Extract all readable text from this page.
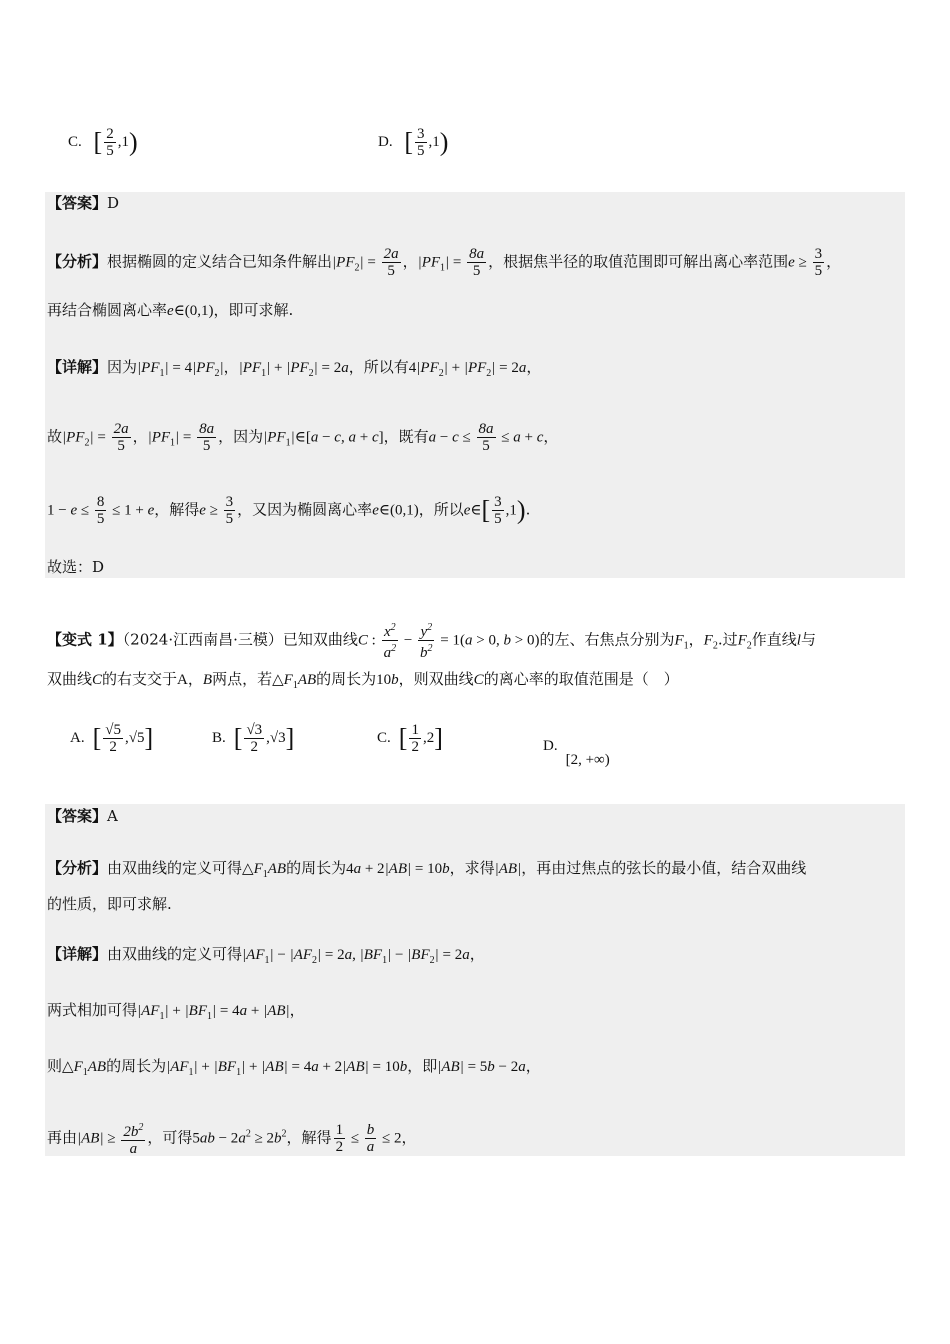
C. [ $\frac{2}{5} ,1$)	D. [ $\frac{3}{5} ,1$)
【答案】D
【分析】根据椭圆的定义结合已知条件解出$|PF_2| = \frac{2a}{5}$ ，$|PF_1| = \frac{8a}{5}$ ，根据焦半径的取值范围即可解出离心率范围$e \ge \frac{3}{5}$ ，
再结合椭圆离心率e∈(0,1)，即可求解.
【详解】因为$|PF_1| = 4|PF_2|$，$|PF_1| + |PF_2| = 2a$，所以有$4|PF_2| + |PF_2| = 2a$，
故$|PF_2| = \frac{2a}{5}$ ，$|PF_1| = \frac{8a}{5}$ ，因为$|PF_1|\in[a - c$, a + c]，既有$a - c \le \frac{8a}{5} \le a + c$，
$1 - e \le \frac{8}{5} \le 1 + e$，解得$e \ge \frac{3}{5}$ ，又因为椭圆离心率e∈(0,1)，所以e∈[ $\frac{3}{5} ,1$).
故选：D
【变式 1】（2024·江西南昌·三模）已知双曲线C : $\frac{x^2}{a^2} - \frac{y^2}{b^2} = 1(a > 0$, b > 0)的左、右焦点分别为$F_1$，$F_2$.过$F_2$作直线l与
双曲线C的右支交于A，B两点，若$\triangle F_1AB$的周长为10b，则双曲线C的离心率的取值范围是（　）
A. [ $\frac{√5}{2} ,√5$]	B. [ $\frac{√3}{2} ,√3$]	C. [ $\frac{1}{2} ,2$]	D.[2, +∞)
【答案】A
【分析】由双曲线的定义可得$\triangle F_1AB$的周长为4a + 2|AB| = 10b，求得|AB|，再由过焦点的弦长的最小值，结合双曲线
的性质，即可求解.
【详解】由双曲线的定义可得$|AF_1| - |AF_2| = 2a$, $|BF_1| - |BF_2| = 2a$，
两式相加可得$|AF_1| + |BF_1| = 4a + |AB|$，
则$\triangle F_1AB$的周长为$|AF_1| + |BF_1| + |AB| = 4a + 2|AB| = 10b$，即|AB| = 5b − 2a，
再由$|AB| \ge \frac{2b^2}{a}$ ，可得$5ab - 2a^2 \ge 2b^2$，解得 $\frac{1}{2} \le \frac{b}{a} \le 2$，
